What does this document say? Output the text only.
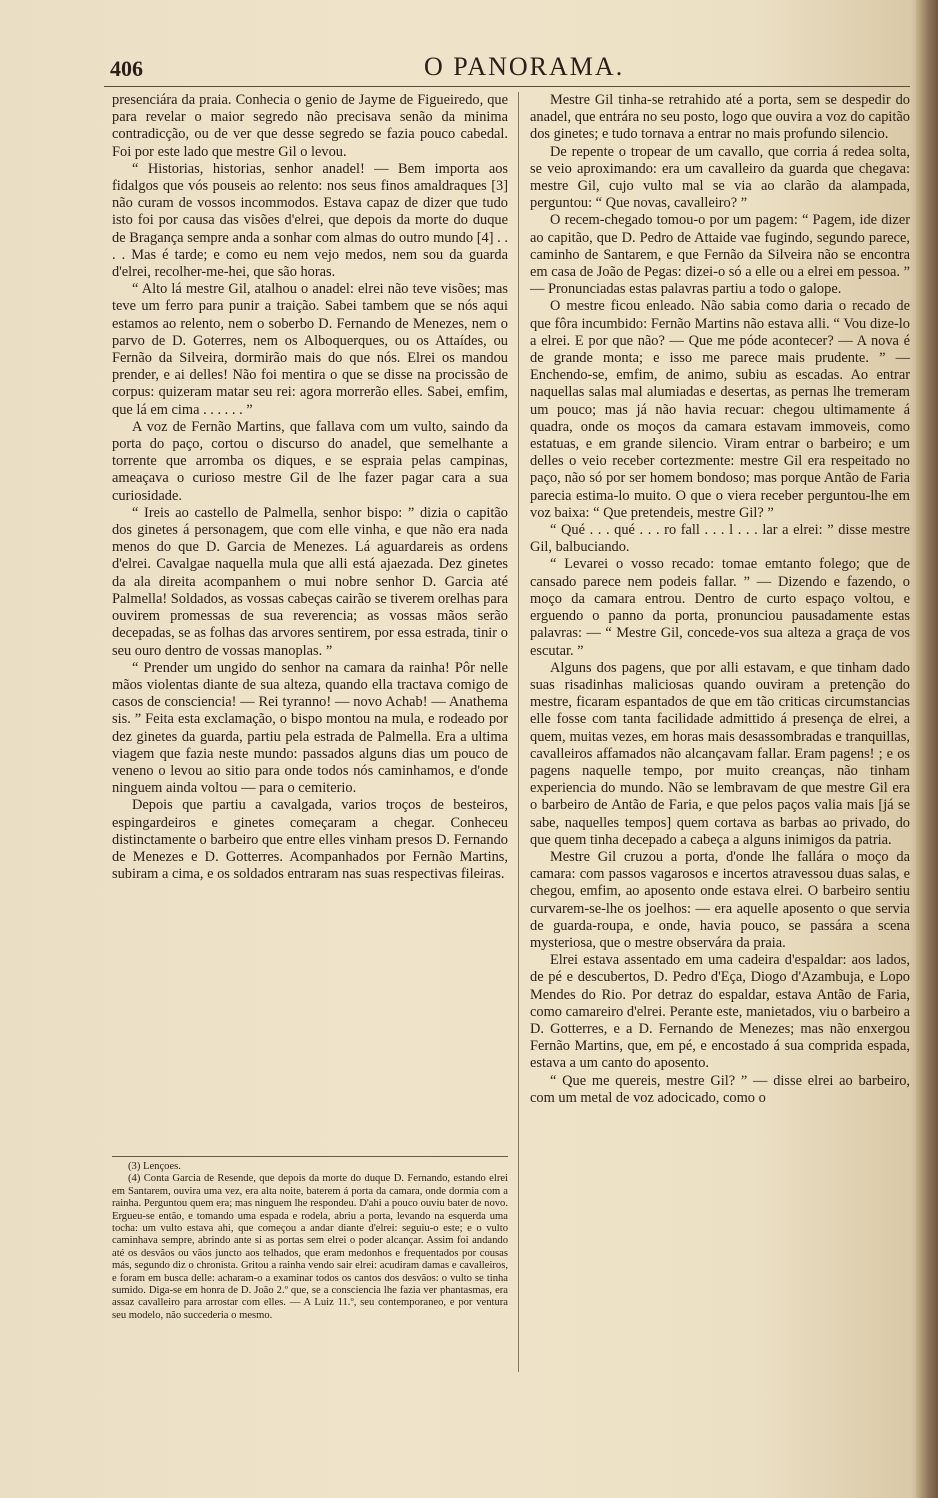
406	O PANORAMA.

presenciára da praia. Conhecia o genio de Jayme de Figueiredo, que para revelar o maior segredo não precisava senão da minima contradicção, ou de ver que desse segredo se fazia pouco cabedal. Foi por este lado que mestre Gil o levou.

“ Historias, historias, senhor anadel! — Bem importa aos fidalgos que vós pouseis ao relento: nos seus finos amaldraques [3] não curam de vossos incommodos. Estava capaz de dizer que tudo isto foi por causa das visões d'elrei, que depois da morte do duque de Bragança sempre anda a sonhar com almas do outro mundo [4] . . . . Mas é tarde; e como eu nem vejo medos, nem sou da guarda d'elrei, recolher-me-hei, que são horas.

“ Alto lá mestre Gil, atalhou o anadel: elrei não teve visões; mas teve um ferro para punir a traição. Sabei tambem que se nós aqui estamos ao relento, nem o soberbo D. Fernando de Menezes, nem o parvo de D. Goterres, nem os Alboquerques, ou os Attaídes, ou Fernão da Silveira, dormirão mais do que nós. Elrei os mandou prender, e ai delles! Não foi mentira o que se disse na procissão de corpus: quizeram matar seu rei: agora morrerão elles. Sabei, emfim, que lá em cima . . . . . . ”

A voz de Fernão Martins, que fallava com um vulto, saindo da porta do paço, cortou o discurso do anadel, que semelhante a torrente que arromba os diques, e se espraia pelas campinas, ameaçava o curioso mestre Gil de lhe fazer pagar cara a sua curiosidade.

“ Ireis ao castello de Palmella, senhor bispo: ” dizia o capitão dos ginetes á personagem, que com elle vinha, e que não era nada menos do que D. Garcia de Menezes. Lá aguardareis as ordens d'elrei. Cavalgae naquella mula que alli está ajaezada. Dez ginetes da ala direita acompanhem o mui nobre senhor D. Garcia até Palmella! Soldados, as vossas cabeças cairão se tiverem orelhas para ouvirem promessas de sua reverencia; as vossas mãos serão decepadas, se as folhas das arvores sentirem, por essa estrada, tinir o seu ouro dentro de vossas manoplas. ”

“ Prender um ungido do senhor na camara da rainha! Pôr nelle mãos violentas diante de sua alteza, quando ella tractava comigo de casos de consciencia! — Rei tyranno! — novo Achab! — Anathema sis. ” Feita esta exclamação, o bispo montou na mula, e rodeado por dez ginetes da guarda, partiu pela estrada de Palmella. Era a ultima viagem que fazia neste mundo: passados alguns dias um pouco de veneno o levou ao sitio para onde todos nós caminhamos, e d'onde ninguem ainda voltou — para o cemiterio.

Depois que partiu a cavalgada, varios troços de besteiros, espingardeiros e ginetes começaram a chegar. Conheceu distinctamente o barbeiro que entre elles vinham presos D. Fernando de Menezes e D. Gotterres. Acompanhados por Fernão Martins, subiram a cima, e os soldados entraram nas suas respectivas fileiras.

(3) Lençoes.

(4) Conta Garcia de Resende, que depois da morte do duque D. Fernando, estando elrei em Santarem, ouvira uma vez, era alta noite, baterem á porta da camara, onde dormia com a rainha. Perguntou quem era; mas ninguem lhe respondeu. D'ahi a pouco ouviu bater de novo. Ergueu-se então, e tomando uma espada e rodela, abriu a porta, levando na esquerda uma tocha: um vulto estava ahi, que começou a andar diante d'elrei: seguiu-o este; e o vulto caminhava sempre, abrindo ante si as portas sem elrei o poder alcançar. Assim foi andando até os desvãos ou vãos juncto aos telhados, que eram medonhos e frequentados por cousas más, segundo diz o chronista. Gritou a rainha vendo sair elrei: acudiram damas e cavalleiros, e foram em busca delle: acharam-o a examinar todos os cantos dos desvãos: o vulto se tinha sumido. Diga-se em honra de D. João 2.º que, se a consciencia lhe fazia ver phantasmas, era assaz cavalleiro para arrostar com elles. — A Luiz 11.º, seu contemporaneo, e por ventura seu modelo, não succederia o mesmo.

Mestre Gil tinha-se retrahido até a porta, sem se despedir do anadel, que entrára no seu posto, logo que ouvira a voz do capitão dos ginetes; e tudo tornava a entrar no mais profundo silencio.

De repente o tropear de um cavallo, que corria á redea solta, se veio aproximando: era um cavalleiro da guarda que chegava: mestre Gil, cujo vulto mal se via ao clarão da alampada, perguntou: “ Que novas, cavalleiro? ”

O recem-chegado tomou-o por um pagem: “ Pagem, ide dizer ao capitão, que D. Pedro de Attaide vae fugindo, segundo parece, caminho de Santarem, e que Fernão da Silveira não se encontra em casa de João de Pegas: dizei-o só a elle ou a elrei em pessoa. ” — Pronunciadas estas palavras partiu a todo o galope.

O mestre ficou enleado. Não sabia como daria o recado de que fôra incumbido: Fernão Martins não estava alli. “ Vou dize-lo a elrei. E por que não? — Que me póde acontecer? — A nova é de grande monta; e isso me parece mais prudente. ” — Enchendo-se, emfim, de animo, subiu as escadas. Ao entrar naquellas salas mal alumiadas e desertas, as pernas lhe tremeram um pouco; mas já não havia recuar: chegou ultimamente á quadra, onde os moços da camara estavam immoveis, como estatuas, e em grande silencio. Viram entrar o barbeiro; e um delles o veio receber cortezmente: mestre Gil era respeitado no paço, não só por ser homem bondoso; mas porque Antão de Faria parecia estima-lo muito. O que o viera receber perguntou-lhe em voz baixa: “ Que pretendeis, mestre Gil? ”

“ Qué . . . qué . . . ro fall . . . l . . . lar a elrei: ” disse mestre Gil, balbuciando.

“ Levarei o vosso recado: tomae emtanto folego; que de cansado parece nem podeis fallar. ” — Dizendo e fazendo, o moço da camara entrou. Dentro de curto espaço voltou, e erguendo o panno da porta, pronunciou pausadamente estas palavras: — “ Mestre Gil, concede-vos sua alteza a graça de vos escutar. ”

Alguns dos pagens, que por alli estavam, e que tinham dado suas risadinhas maliciosas quando ouviram a pretenção do mestre, ficaram espantados de que em tão criticas circumstancias elle fosse com tanta facilidade admittido á presença de elrei, a quem, muitas vezes, em horas mais desassombradas e tranquillas, cavalleiros affamados não alcançavam fallar. Eram pagens! ; e os pagens naquelle tempo, por muito creanças, não tinham experiencia do mundo. Não se lembravam de que mestre Gil era o barbeiro de Antão de Faria, e que pelos paços valia mais [já se sabe, naquelles tempos] quem cortava as barbas ao privado, do que quem tinha decepado a cabeça a alguns inimigos da patria.

Mestre Gil cruzou a porta, d'onde lhe fallára o moço da camara: com passos vagarosos e incertos atravessou duas salas, e chegou, emfim, ao aposento onde estava elrei. O barbeiro sentiu curvarem-se-lhe os joelhos: — era aquelle aposento o que servia de guarda-roupa, e onde, havia pouco, se passára a scena mysteriosa, que o mestre observára da praia.

Elrei estava assentado em uma cadeira d'espaldar: aos lados, de pé e descubertos, D. Pedro d'Eça, Diogo d'Azambuja, e Lopo Mendes do Rio. Por detraz do espaldar, estava Antão de Faria, como camareiro d'elrei. Perante este, manietados, viu o barbeiro a D. Gotterres, e a D. Fernando de Menezes; mas não enxergou Fernão Martins, que, em pé, e encostado á sua comprida espada, estava a um canto do aposento.

“ Que me quereis, mestre Gil? ” — disse elrei ao barbeiro, com um metal de voz adocicado, como o
